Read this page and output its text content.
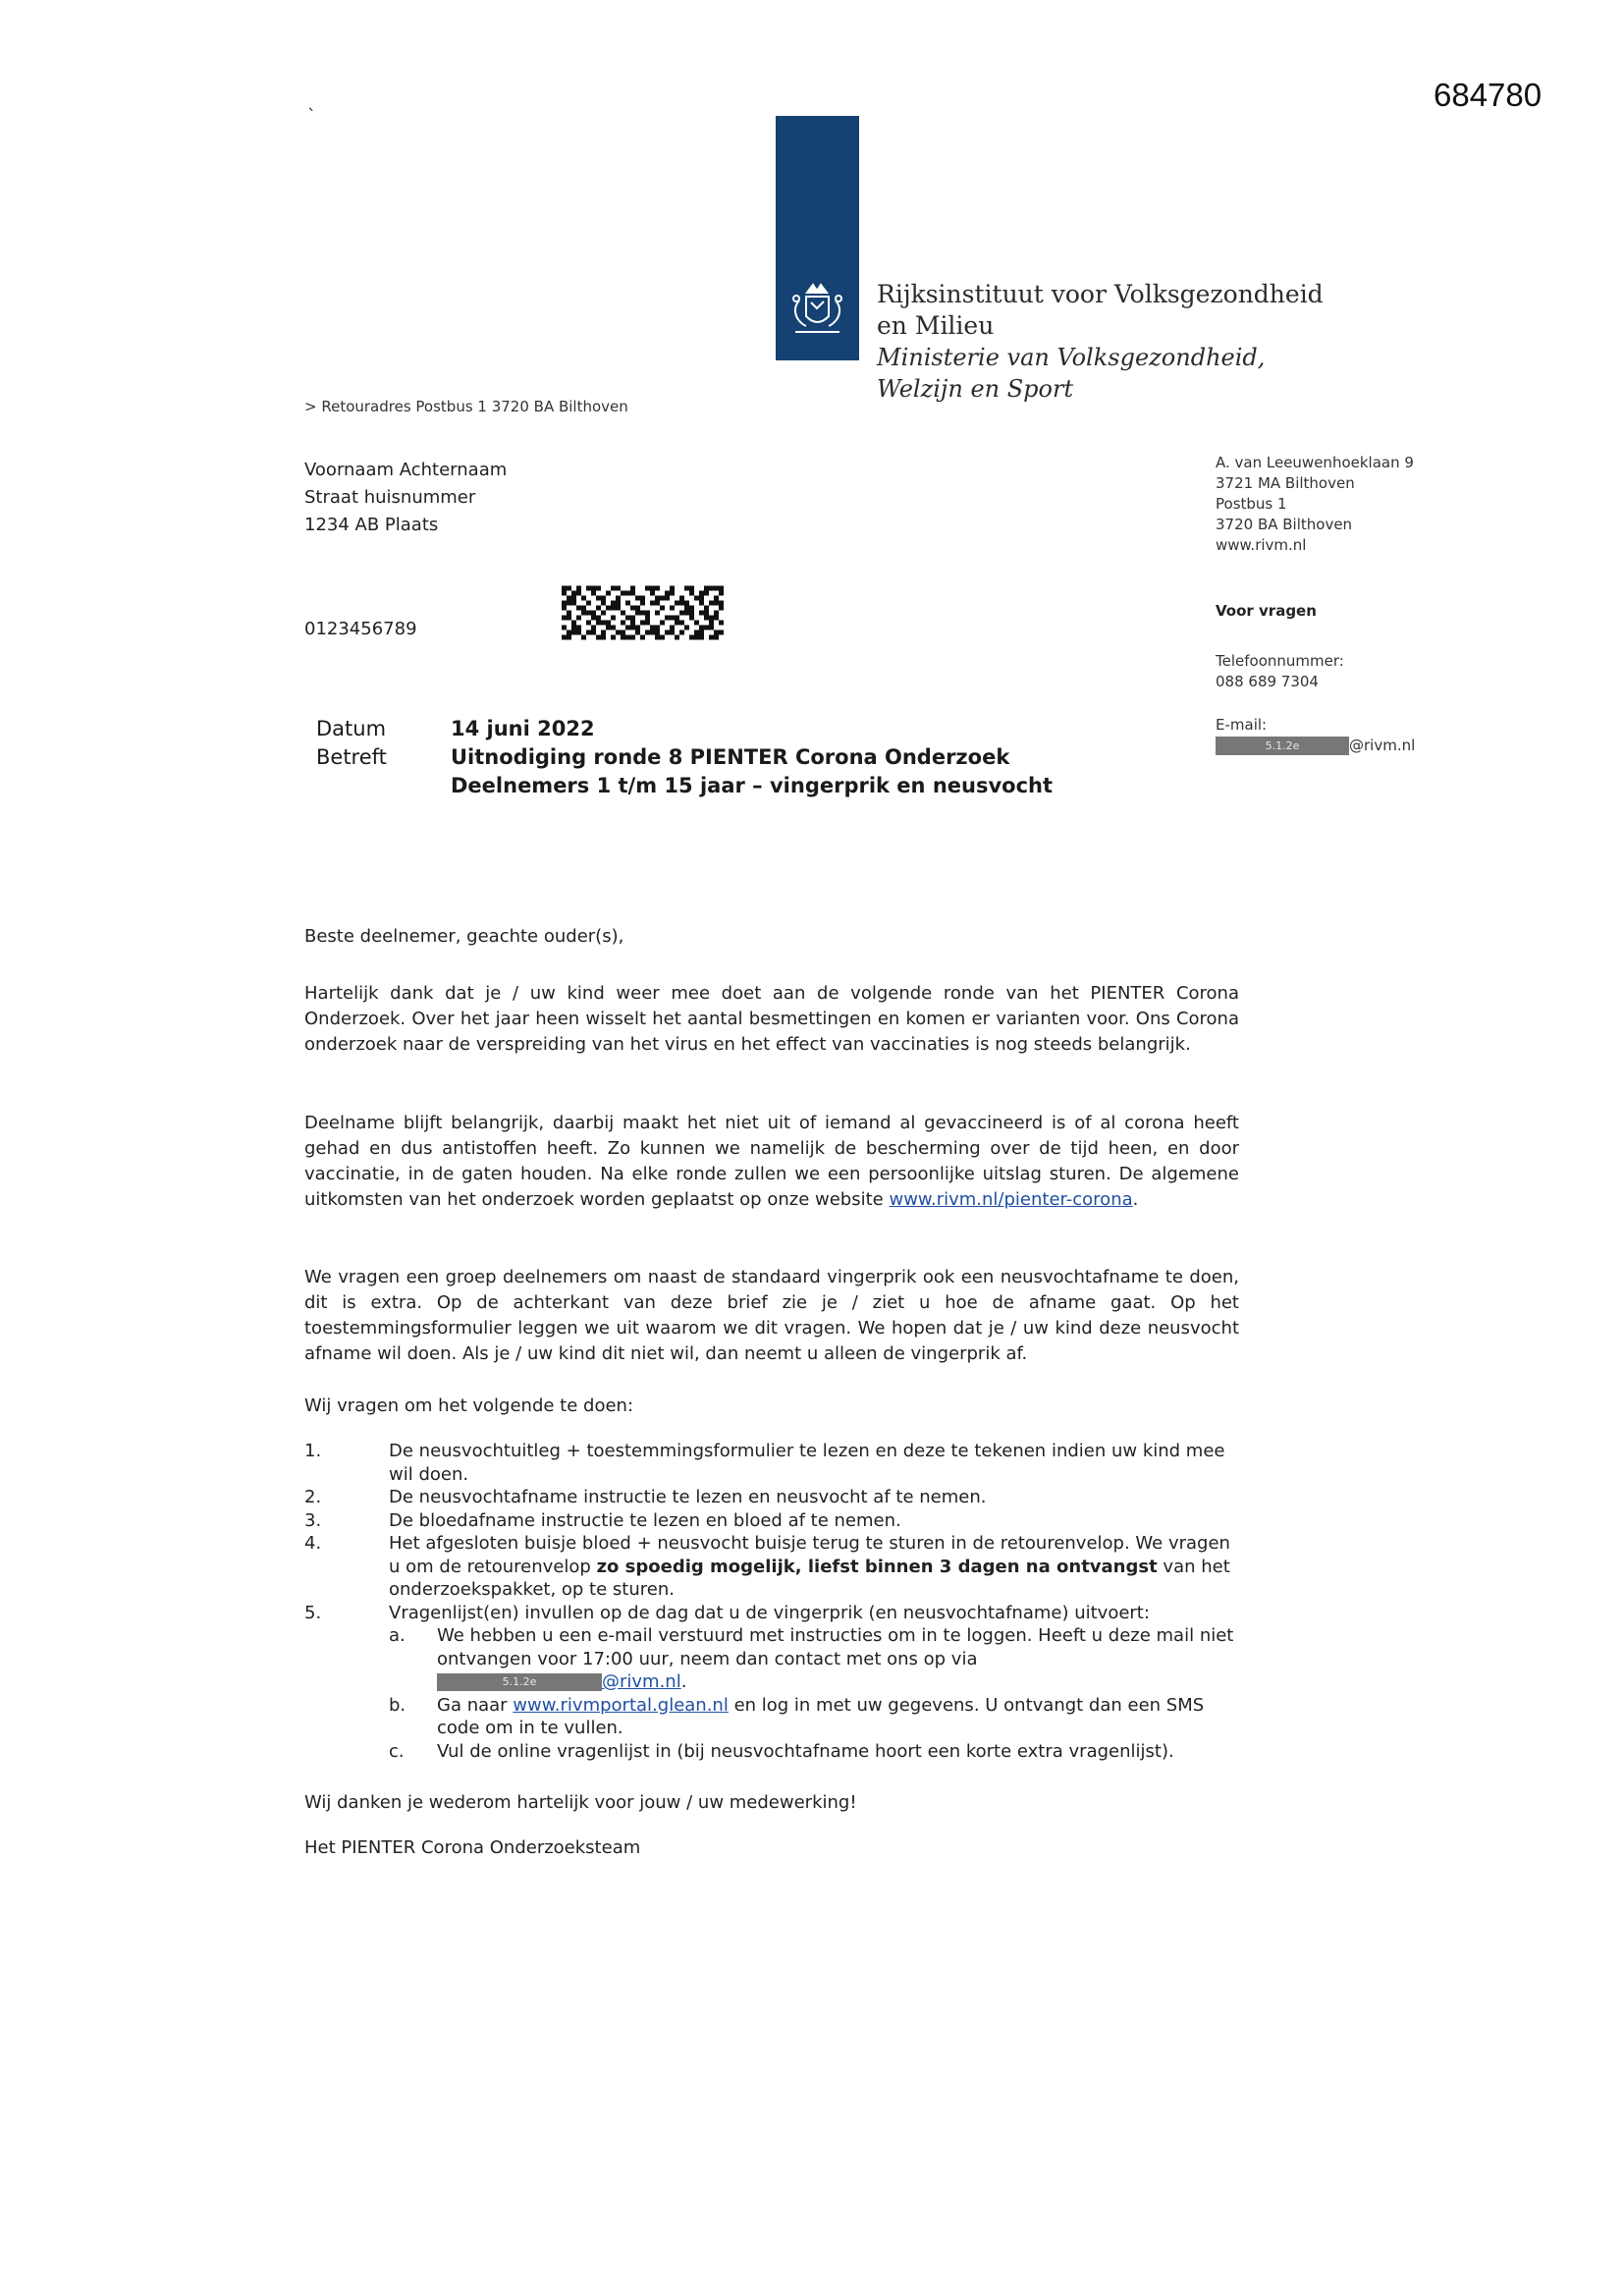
684780
ˋ
Rijksinstituut voor Volksgezondheid
en Milieu
Ministerie van Volksgezondheid,
Welzijn en Sport
> Retouradres Postbus 1 3720 BA Bilthoven
Voornaam Achternaam
Straat huisnummer
1234 AB Plaats
0123456789
A. van Leeuwenhoeklaan 9
3721 MA Bilthoven
Postbus 1
3720 BA Bilthoven
www.rivm.nl
Voor vragen
Telefoonnummer:
088 689 7304
E-mail:
5.1.2e	@rivm.nl
Datum	14 juni 2022
Betreft	Uitnodiging ronde 8 PIENTER Corona Onderzoek
Deelnemers 1 t/m 15 jaar – vingerprik en neusvocht
Beste deelnemer, geachte ouder(s),
Hartelijk dank dat je / uw kind weer mee doet aan de volgende ronde van het PIENTER Corona Onderzoek. Over het jaar heen wisselt het aantal besmettingen en komen er varianten voor. Ons Corona onderzoek naar de verspreiding van het virus en het effect van vaccinaties is nog steeds belangrijk.
Deelname blijft belangrijk, daarbij maakt het niet uit of iemand al gevaccineerd is of al corona heeft gehad en dus antistoffen heeft. Zo kunnen we namelijk de bescherming over de tijd heen, en door vaccinatie, in de gaten houden. Na elke ronde zullen we een persoonlijke uitslag sturen. De algemene uitkomsten van het onderzoek worden geplaatst op onze website www.rivm.nl/pienter-corona.
We vragen een groep deelnemers om naast de standaard vingerprik ook een neusvochtafname te doen, dit is extra. Op de achterkant van deze brief zie je / ziet u hoe de afname gaat. Op het toestemmingsformulier leggen we uit waarom we dit vragen. We hopen dat je / uw kind deze neusvocht afname wil doen. Als je / uw kind dit niet wil, dan neemt u alleen de vingerprik af.
Wij vragen om het volgende te doen:
1.	De neusvochtuitleg + toestemmingsformulier te lezen en deze te tekenen indien uw kind mee wil doen.
2.	De neusvochtafname instructie te lezen en neusvocht af te nemen.
3.	De bloedafname instructie te lezen en bloed af te nemen.
4.	Het afgesloten buisje bloed + neusvocht buisje terug te sturen in de retourenvelop. We vragen u om de retourenvelop zo spoedig mogelijk, liefst binnen 3 dagen na ontvangst van het onderzoekspakket, op te sturen.
5.	Vragenlijst(en) invullen op de dag dat u de vingerprik (en neusvochtafname) uitvoert:
a. We hebben u een e-mail verstuurd met instructies om in te loggen. Heeft u deze mail niet ontvangen voor 17:00 uur, neem dan contact met ons op via
5.1.2e	@rivm.nl.
b. Ga naar www.rivmportal.glean.nl en log in met uw gegevens. U ontvangt dan een SMS code om in te vullen.
c. Vul de online vragenlijst in (bij neusvochtafname hoort een korte extra vragenlijst).
Wij danken je wederom hartelijk voor jouw / uw medewerking!
Het PIENTER Corona Onderzoeksteam
